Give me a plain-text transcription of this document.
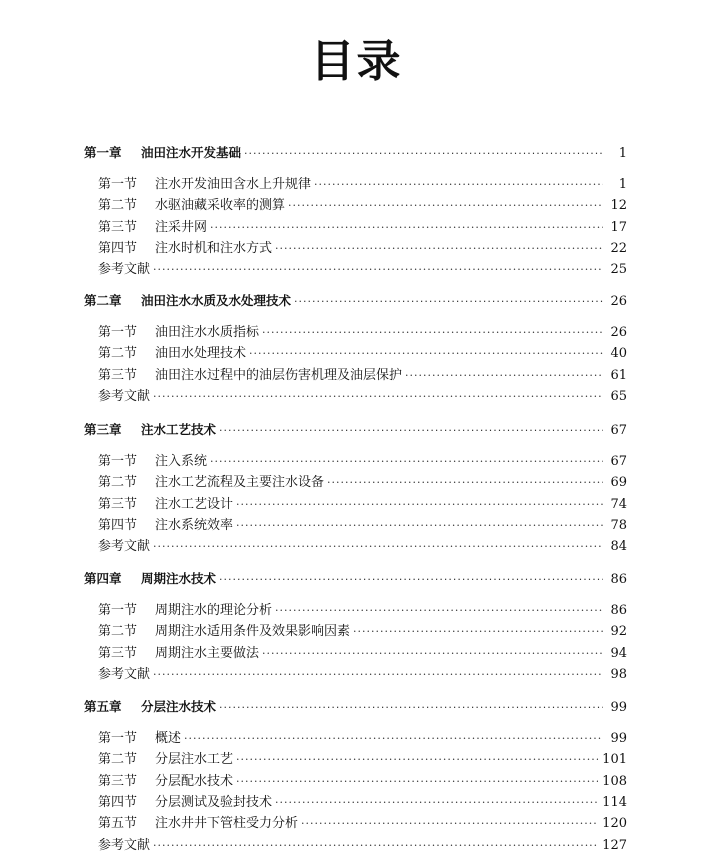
目录
第一章	油田注水开发基础 ·····	1
第一节	注水开发油田含水上升规律 ·····	1
第二节	水驱油藏采收率的测算 ·····	12
第三节	注采井网 ·····	17
第四节	注水时机和注水方式 ·····	22
参考文献 ·····	25
第二章	油田注水水质及水处理技术 ·····	26
第一节	油田注水水质指标 ·····	26
第二节	油田水处理技术 ·····	40
第三节	油田注水过程中的油层伤害机理及油层保护 ·····	61
参考文献 ·····	65
第三章	注水工艺技术 ·····	67
第一节	注入系统 ·····	67
第二节	注水工艺流程及主要注水设备 ·····	69
第三节	注水工艺设计 ·····	74
第四节	注水系统效率 ·····	78
参考文献 ·····	84
第四章	周期注水技术 ·····	86
第一节	周期注水的理论分析 ·····	86
第二节	周期注水适用条件及效果影响因素 ·····	92
第三节	周期注水主要做法 ·····	94
参考文献 ·····	98
第五章	分层注水技术 ·····	99
第一节	概述 ·····	99
第二节	分层注水工艺 ·····	101
第三节	分层配水技术 ·····	108
第四节	分层测试及验封技术 ·····	114
第五节	注水井井下管柱受力分析 ·····	120
参考文献 ·····	127
